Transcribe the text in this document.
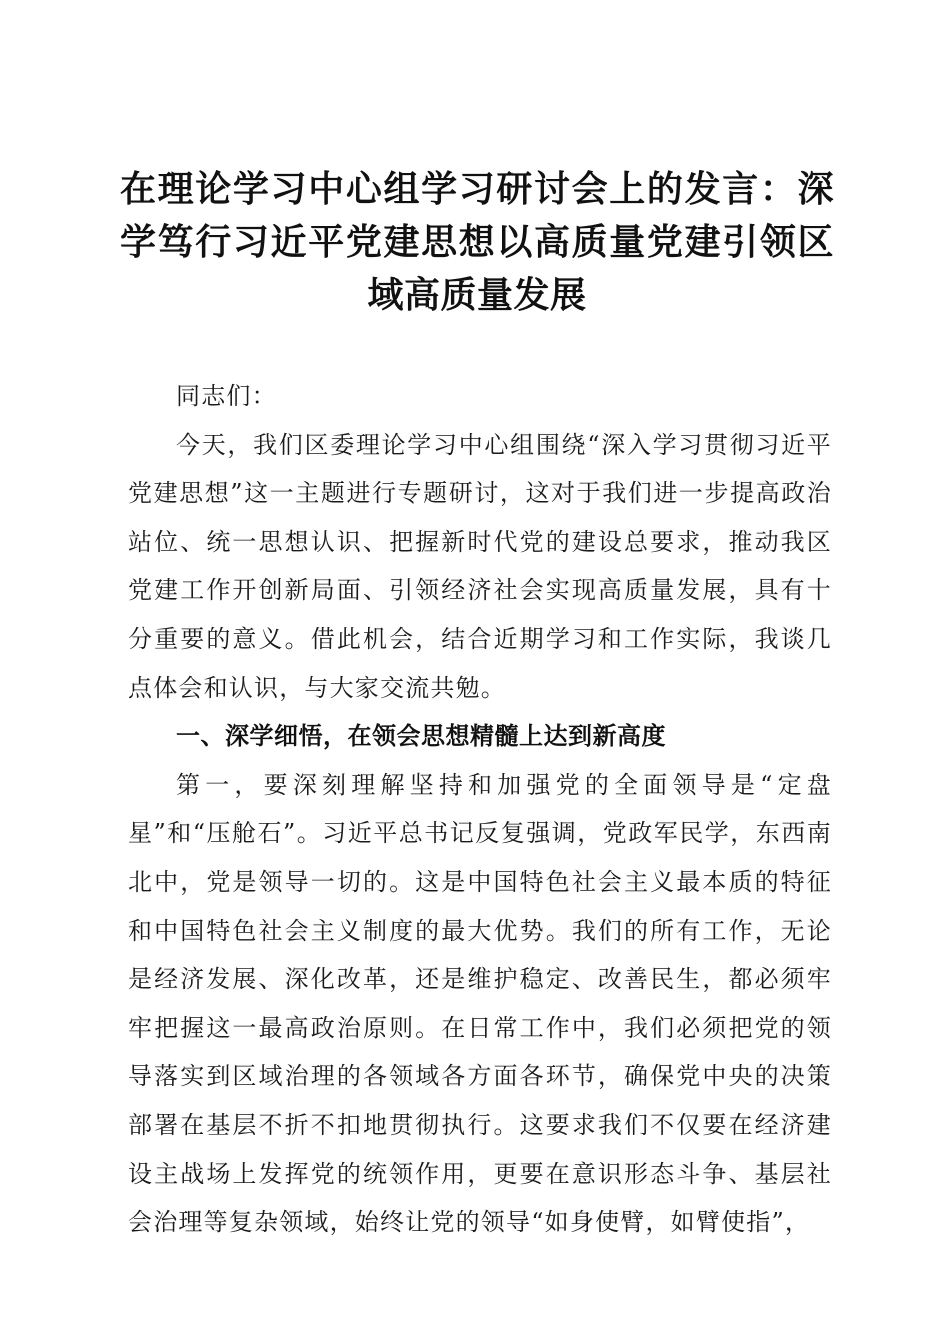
在理论学习中心组学习研讨会上的发言：深学笃行习近平党建思想以高质量党建引领区域高质量发展

同志们：

今天，我们区委理论学习中心组围绕“深入学习贯彻习近平党建思想”这一主题进行专题研讨，这对于我们进一步提高政治站位、统一思想认识、把握新时代党的建设总要求，推动我区党建工作开创新局面、引领经济社会实现高质量发展，具有十分重要的意义。借此机会，结合近期学习和工作实际，我谈几点体会和认识，与大家交流共勉。

一、深学细悟，在领会思想精髓上达到新高度

第一，要深刻理解坚持和加强党的全面领导是“定盘星”和“压舱石”。习近平总书记反复强调，党政军民学，东西南北中，党是领导一切的。这是中国特色社会主义最本质的特征和中国特色社会主义制度的最大优势。我们的所有工作，无论是经济发展、深化改革，还是维护稳定、改善民生，都必须牢牢把握这一最高政治原则。在日常工作中，我们必须把党的领导落实到区域治理的各领域各方面各环节，确保党中央的决策部署在基层不折不扣地贯彻执行。这要求我们不仅要在经济建设主战场上发挥党的统领作用，更要在意识形态斗争、基层社会治理等复杂领域，始终让党的领导“如身使臂，如臂使指”，
